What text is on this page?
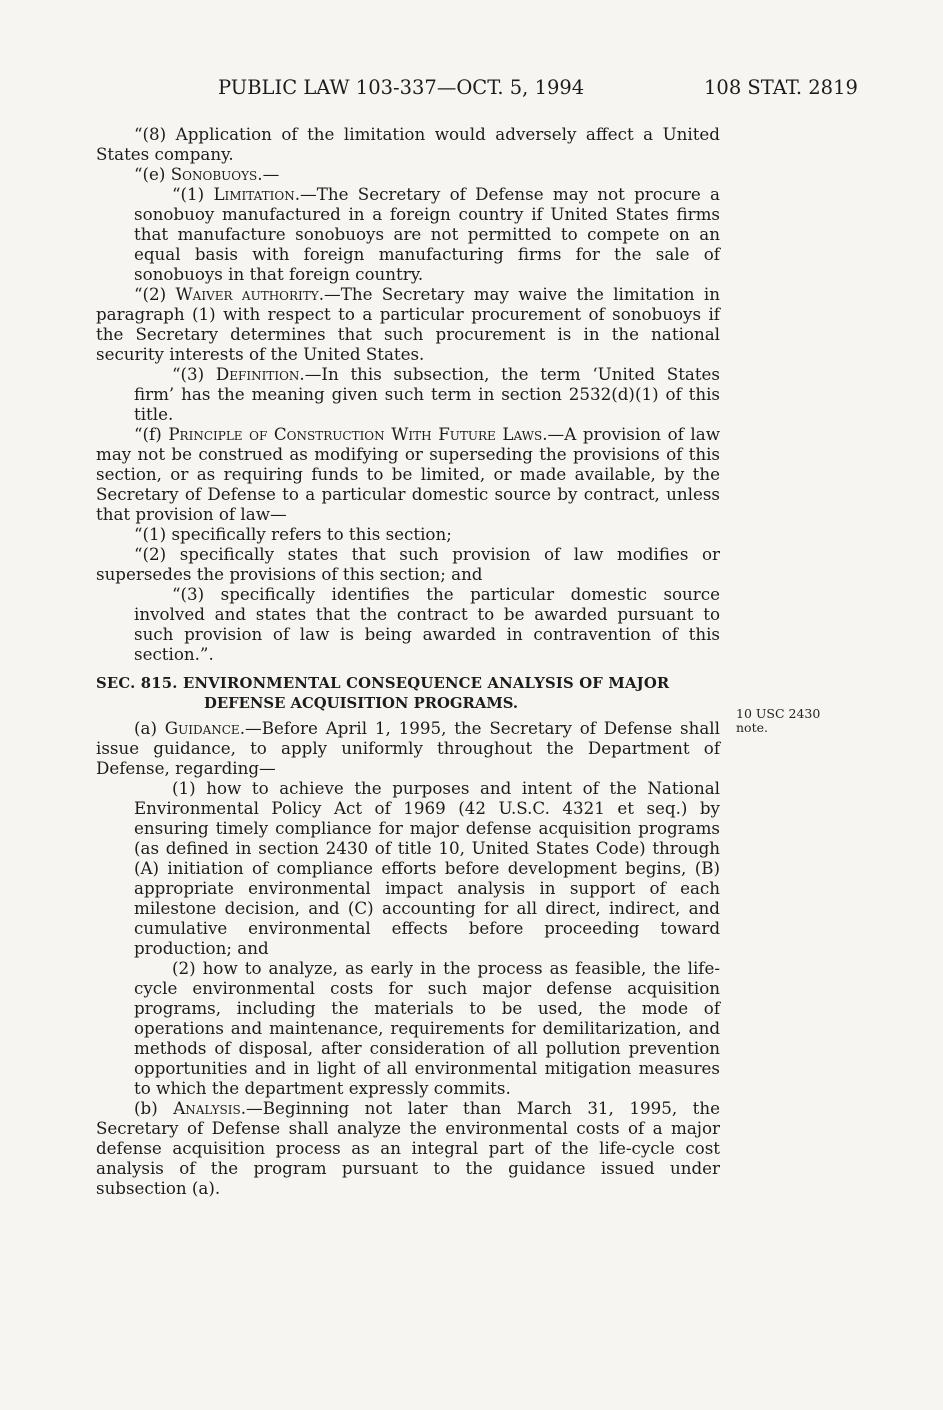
PUBLIC LAW 103-337—OCT. 5, 1994	108 STAT. 2819

“(8) Application of the limitation would adversely affect a United States company.

“(e) Sonobuoys.—

“(1) Limitation.—The Secretary of Defense may not procure a sonobuoy manufactured in a foreign country if United States firms that manufacture sonobuoys are not permitted to compete on an equal basis with foreign manufacturing firms for the sale of sonobuoys in that foreign country.

“(2) Waiver authority.—The Secretary may waive the limitation in paragraph (1) with respect to a particular procurement of sonobuoys if the Secretary determines that such procurement is in the national security interests of the United States.

“(3) Definition.—In this subsection, the term ‘United States firm’ has the meaning given such term in section 2532(d)(1) of this title.

“(f) Principle of Construction With Future Laws.—A provision of law may not be construed as modifying or superseding the provisions of this section, or as requiring funds to be limited, or made available, by the Secretary of Defense to a particular domestic source by contract, unless that provision of law—

“(1) specifically refers to this section;

“(2) specifically states that such provision of law modifies or supersedes the provisions of this section; and

“(3) specifically identifies the particular domestic source involved and states that the contract to be awarded pursuant to such provision of law is being awarded in contravention of this section.”.

SEC. 815. ENVIRONMENTAL CONSEQUENCE ANALYSIS OF MAJOR
DEFENSE ACQUISITION PROGRAMS.

(a) Guidance.—Before April 1, 1995, the Secretary of Defense shall issue guidance, to apply uniformly throughout the Department of Defense, regarding—

(1) how to achieve the purposes and intent of the National Environmental Policy Act of 1969 (42 U.S.C. 4321 et seq.) by ensuring timely compliance for major defense acquisition programs (as defined in section 2430 of title 10, United States Code) through (A) initiation of compliance efforts before development begins, (B) appropriate environmental impact analysis in support of each milestone decision, and (C) accounting for all direct, indirect, and cumulative environmental effects before proceeding toward production; and

(2) how to analyze, as early in the process as feasible, the life-cycle environmental costs for such major defense acquisition programs, including the materials to be used, the mode of operations and maintenance, requirements for demilitarization, and methods of disposal, after consideration of all pollution prevention opportunities and in light of all environmental mitigation measures to which the department expressly commits.

(b) Analysis.—Beginning not later than March 31, 1995, the Secretary of Defense shall analyze the environmental costs of a major defense acquisition process as an integral part of the life-cycle cost analysis of the program pursuant to the guidance issued under subsection (a).

10 USC 2430
note.
